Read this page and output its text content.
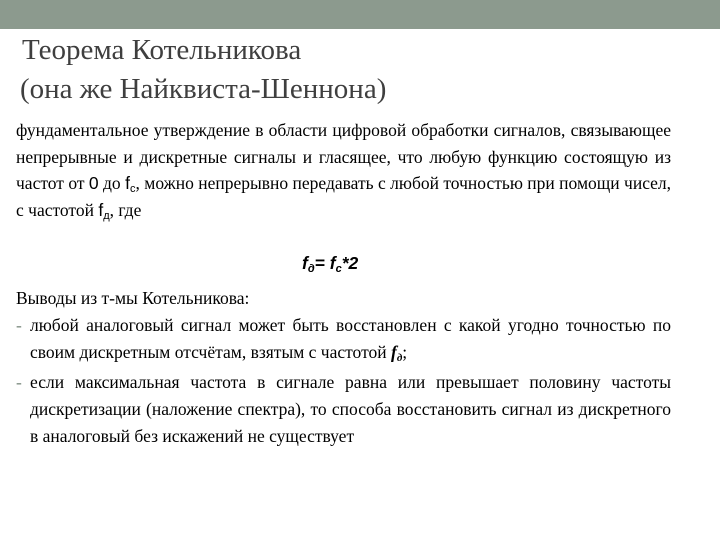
Теорема Котельникова
(она же Найквиста-Шеннона)
фундаментальное утверждение в области цифровой обработки сигналов, связывающее непрерывные и дискретные сигналы и гласящее, что любую функцию состоящую из частот от 0 до $f_c$, можно непрерывно передавать с любой точностью при помощи чисел, с частотой $f_д$, где
$f_д= f_c*2$
Выводы из т-мы Котельникова:
- любой аналоговый сигнал может быть восстановлен с какой угодно точностью по своим дискретным отсчётам, взятым с частотой $f_д$;
- если максимальная частота в сигнале равна или превышает половину частоты дискретизации (наложение спектра), то способа восстановить сигнал из дискретного в аналоговый без искажений не существует
